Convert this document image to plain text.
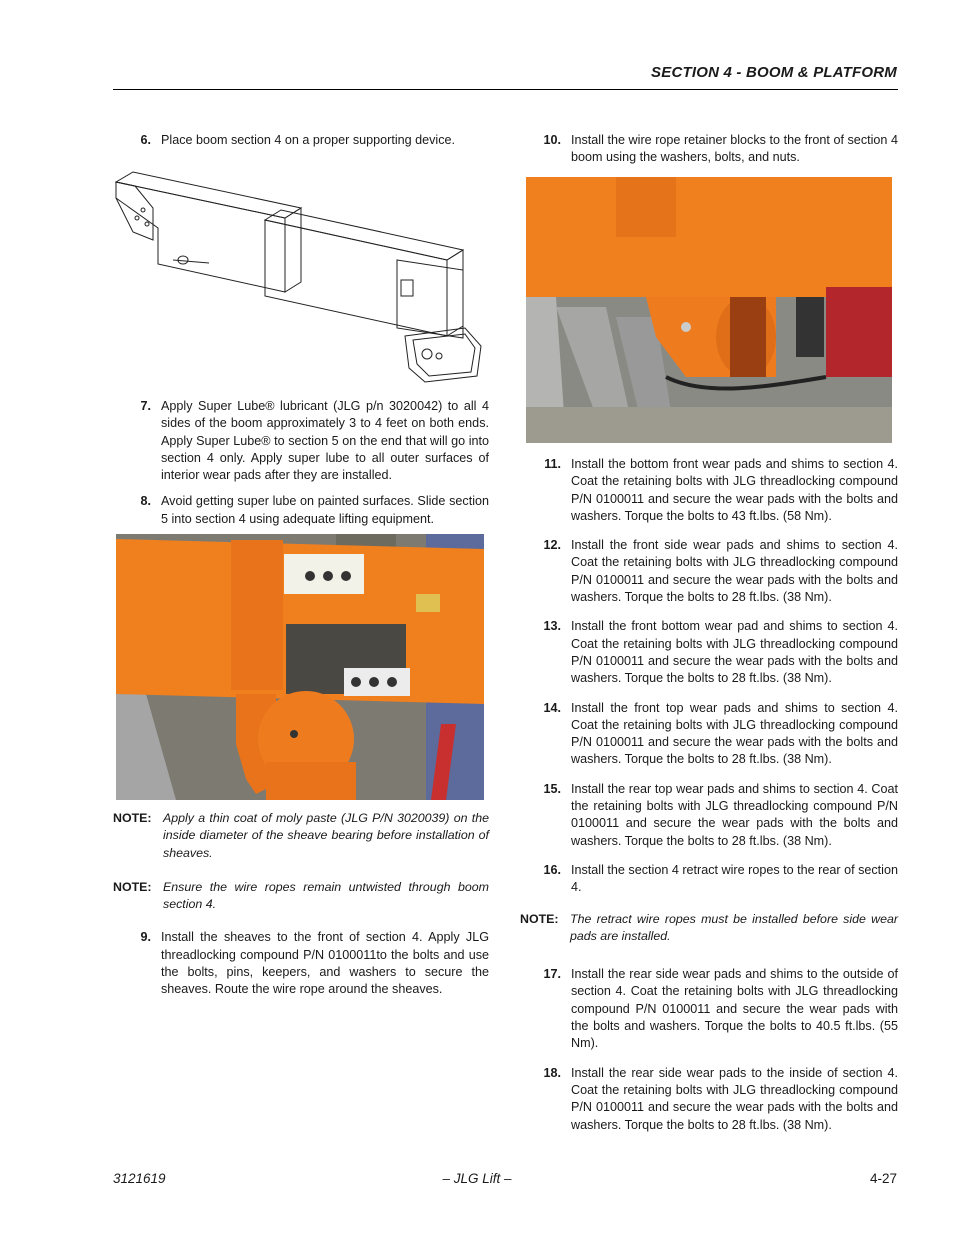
SECTION 4 - BOOM & PLATFORM
6. Place boom section 4 on a proper supporting device.
7. Apply Super Lube® lubricant (JLG p/n 3020042) to all 4 sides of the boom approximately 3 to 4 feet on both ends. Apply Super Lube® to section 5 on the end that will go into section 4 only. Apply super lube to all outer surfaces of interior wear pads after they are installed.
8. Avoid getting super lube on painted surfaces. Slide section 5 into section 4 using adequate lifting equipment.
NOTE: Apply a thin coat of moly paste (JLG P/N 3020039) on the inside diameter of the sheave bearing before installation of sheaves.
NOTE: Ensure the wire ropes remain untwisted through boom section 4.
9. Install the sheaves to the front of section 4. Apply JLG threadlocking compound P/N 0100011to the bolts and use the bolts, pins, keepers, and washers to secure the sheaves. Route the wire rope around the sheaves.
10. Install the wire rope retainer blocks to the front of section 4 boom using the washers, bolts, and nuts.
11. Install the bottom front wear pads and shims to section 4. Coat the retaining bolts with JLG threadlocking compound P/N 0100011 and secure the wear pads with the bolts and washers. Torque the bolts to 43 ft.lbs. (58 Nm).
12. Install the front side wear pads and shims to section 4. Coat the retaining bolts with JLG threadlocking compound P/N 0100011 and secure the wear pads with the bolts and washers. Torque the bolts to 28 ft.lbs. (38 Nm).
13. Install the front bottom wear pad and shims to section 4. Coat the retaining bolts with JLG threadlocking compound P/N 0100011 and secure the wear pads with the bolts and washers. Torque the bolts to 28 ft.lbs. (38 Nm).
14. Install the front top wear pads and shims to section 4. Coat the retaining bolts with JLG threadlocking compound P/N 0100011 and secure the wear pads with the bolts and washers. Torque the bolts to 28 ft.lbs. (38 Nm).
15. Install the rear top wear pads and shims to section 4. Coat the retaining bolts with JLG threadlocking compound P/N 0100011 and secure the wear pads with the bolts and washers. Torque the bolts to 28 ft.lbs. (38 Nm).
16. Install the section 4 retract wire ropes to the rear of section 4.
NOTE: The retract wire ropes must be installed before side wear pads are installed.
17. Install the rear side wear pads and shims to the outside of section 4. Coat the retaining bolts with JLG threadlocking compound P/N 0100011 and secure the wear pads with the bolts and washers. Torque the bolts to 40.5 ft.lbs. (55 Nm).
18. Install the rear side wear pads to the inside of section 4. Coat the retaining bolts with JLG threadlocking compound P/N 0100011 and secure the wear pads with the bolts and washers. Torque the bolts to 28 ft.lbs. (38 Nm).
3121619	– JLG Lift –	4-27
